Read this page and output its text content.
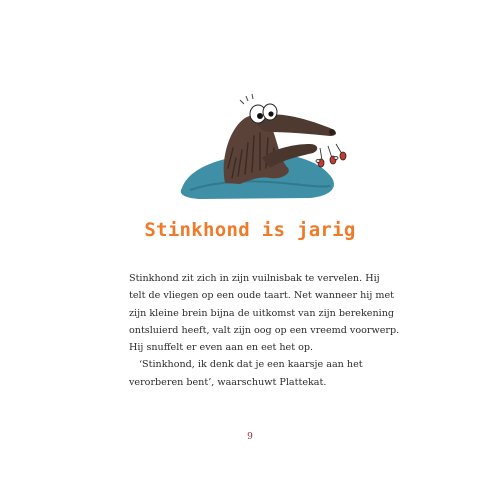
Stinkhond is jarig

Stinkhond zit zich in zijn vuilnisbak te vervelen. Hij
telt de vliegen op een oude taart. Net wanneer hij met
zijn kleine brein bijna de uitkomst van zijn berekening
ontsluierd heeft, valt zijn oog op een vreemd voorwerp.
Hij snuffelt er even aan en eet het op.
‘Stinkhond, ik denk dat je een kaarsje aan het
verorberen bent’, waarschuwt Plattekat.

9
